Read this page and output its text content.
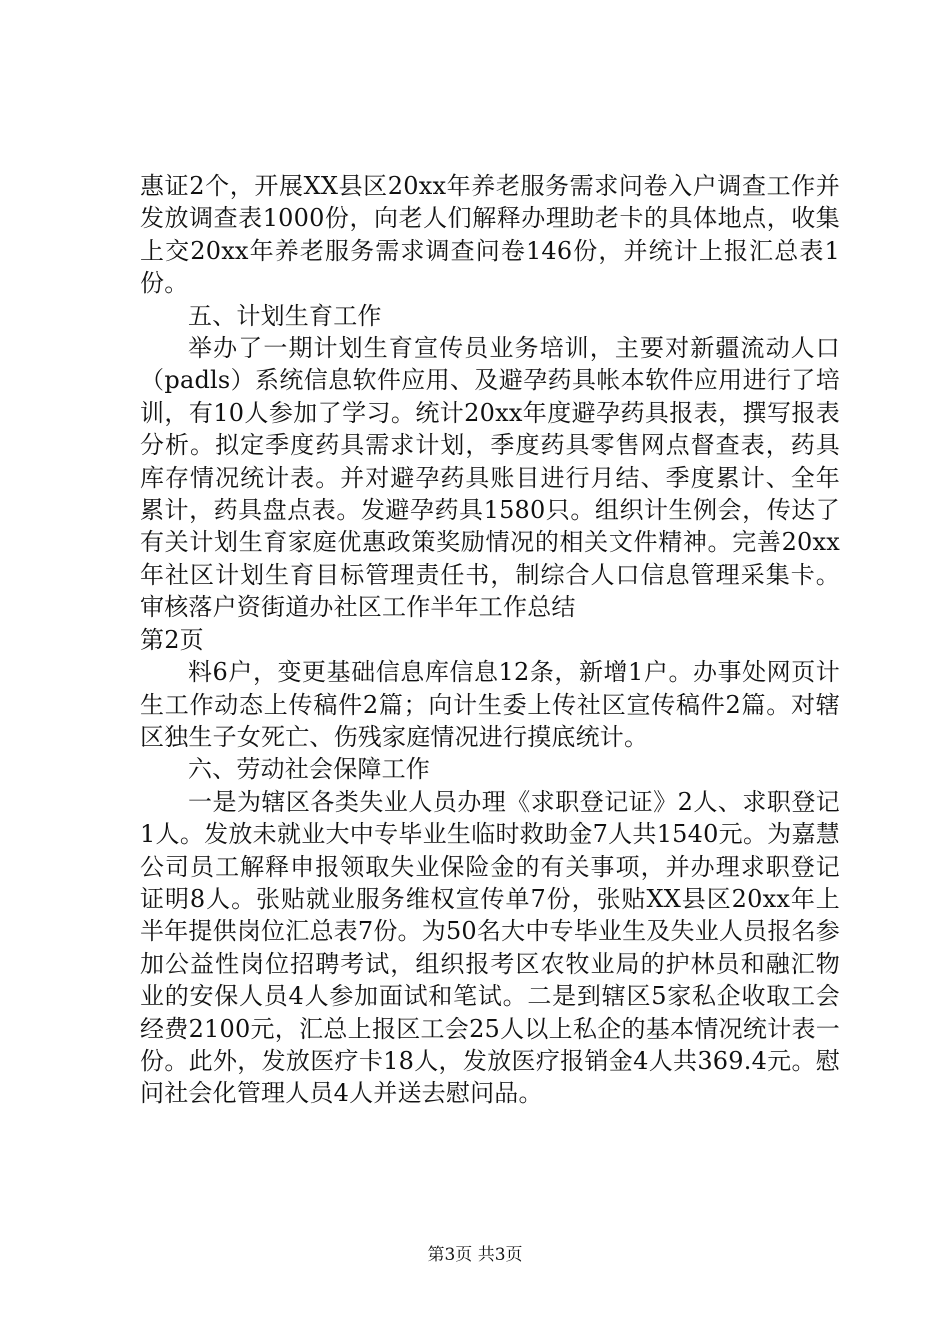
惠证2个，开展XX县区20xx年养老服务需求问卷入户调查工作并发放调查表1000份，向老人们解释办理助老卡的具体地点，收集上交20xx年养老服务需求调查问卷146份，并统计上报汇总表1份。

五、计划生育工作

举办了一期计划生育宣传员业务培训，主要对新疆流动人口（padls）系统信息软件应用、及避孕药具帐本软件应用进行了培训，有10人参加了学习。统计20xx年度避孕药具报表，撰写报表分析。拟定季度药具需求计划，季度药具零售网点督查表，药具库存情况统计表。并对避孕药具账目进行月结、季度累计、全年累计，药具盘点表。发避孕药具1580只。组织计生例会，传达了有关计划生育家庭优惠政策奖励情况的相关文件精神。完善20xx年社区计划生育目标管理责任书，制综合人口信息管理采集卡。审核落户资街道办社区工作半年工作总结

第2页

料6户，变更基础信息库信息12条，新增1户。办事处网页计生工作动态上传稿件2篇；向计生委上传社区宣传稿件2篇。对辖区独生子女死亡、伤残家庭情况进行摸底统计。

六、劳动社会保障工作

一是为辖区各类失业人员办理《求职登记证》2人、求职登记1人。发放未就业大中专毕业生临时救助金7人共1540元。为嘉慧公司员工解释申报领取失业保险金的有关事项，并办理求职登记证明8人。张贴就业服务维权宣传单7份，张贴XX县区20xx年上半年提供岗位汇总表7份。为50名大中专毕业生及失业人员报名参加公益性岗位招聘考试，组织报考区农牧业局的护林员和融汇物业的安保人员4人参加面试和笔试。二是到辖区5家私企收取工会经费2100元，汇总上报区工会25人以上私企的基本情况统计表一份。此外，发放医疗卡18人，发放医疗报销金4人共369.4元。慰问社会化管理人员4人并送去慰问品。

第3页 共3页
